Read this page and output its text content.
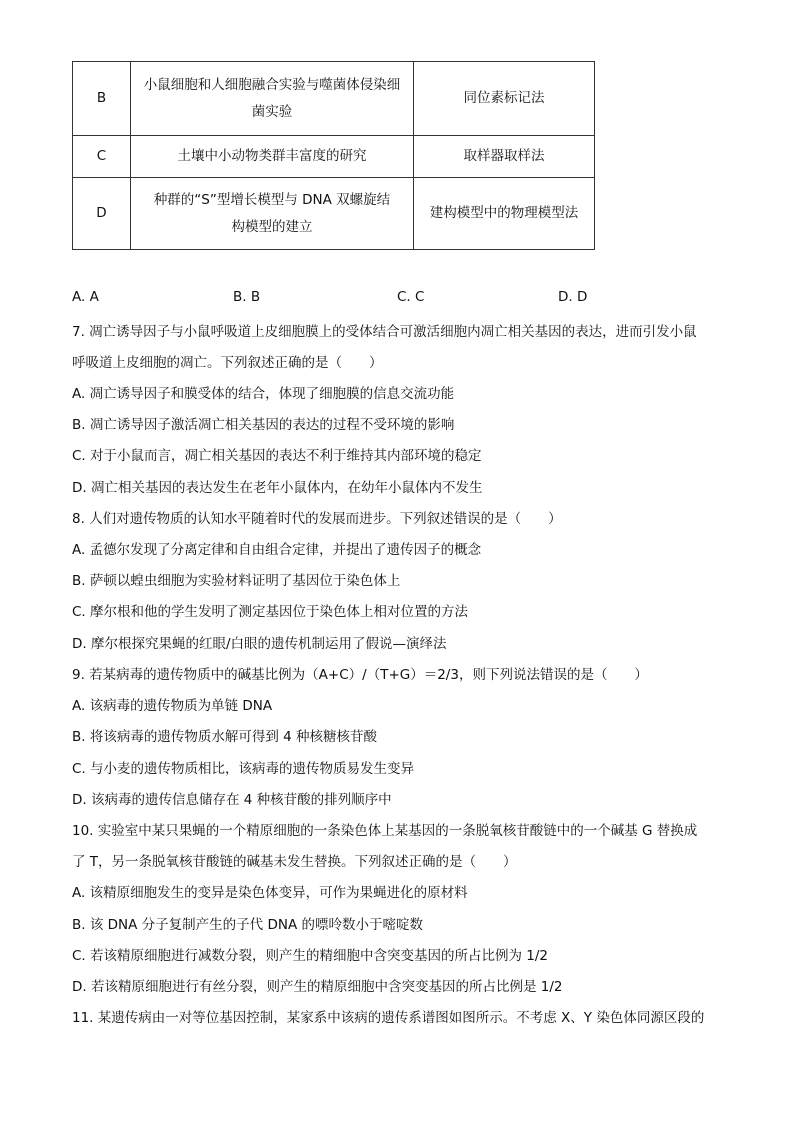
B	小鼠细胞和人细胞融合实验与噬菌体侵染细
菌实验	同位素标记法
C	土壤中小动物类群丰富度的研究	取样器取样法
D	种群的“S”型增长模型与 DNA 双螺旋结
构模型的建立	建构模型中的物理模型法
A. A	B. B	C. C	D. D
7. 凋亡诱导因子与小鼠呼吸道上皮细胞膜上的受体结合可激活细胞内凋亡相关基因的表达，进而引发小鼠
呼吸道上皮细胞的凋亡。下列叙述正确的是（　　）
A. 凋亡诱导因子和膜受体的结合，体现了细胞膜的信息交流功能
B. 凋亡诱导因子激活凋亡相关基因的表达的过程不受环境的影响
C. 对于小鼠而言，凋亡相关基因的表达不利于维持其内部环境的稳定
D. 凋亡相关基因的表达发生在老年小鼠体内，在幼年小鼠体内不发生
8. 人们对遗传物质的认知水平随着时代的发展而进步。下列叙述错误的是（　　）
A. 孟德尔发现了分离定律和自由组合定律，并提出了遗传因子的概念
B. 萨顿以蝗虫细胞为实验材料证明了基因位于染色体上
C. 摩尔根和他的学生发明了测定基因位于染色体上相对位置的方法
D. 摩尔根探究果蝇的红眼/白眼的遗传机制运用了假说—演绎法
9. 若某病毒的遗传物质中的碱基比例为（A+C）/（T+G）＝2/3，则下列说法错误的是（　　）
A. 该病毒的遗传物质为单链 DNA
B. 将该病毒的遗传物质水解可得到 4 种核糖核苷酸
C. 与小麦的遗传物质相比，该病毒的遗传物质易发生变异
D. 该病毒的遗传信息储存在 4 种核苷酸的排列顺序中
10. 实验室中某只果蝇的一个精原细胞的一条染色体上某基因的一条脱氧核苷酸链中的一个碱基 G 替换成
了 T，另一条脱氧核苷酸链的碱基未发生替换。下列叙述正确的是（　　）
A. 该精原细胞发生的变异是染色体变异，可作为果蝇进化的原材料
B. 该 DNA 分子复制产生的子代 DNA 的嘌呤数小于嘧啶数
C. 若该精原细胞进行减数分裂，则产生的精细胞中含突变基因的所占比例为 1/2
D. 若该精原细胞进行有丝分裂，则产生的精原细胞中含突变基因的所占比例是 1/2
11. 某遗传病由一对等位基因控制，某家系中该病的遗传系谱图如图所示。不考虑 X、Y 染色体同源区段的
